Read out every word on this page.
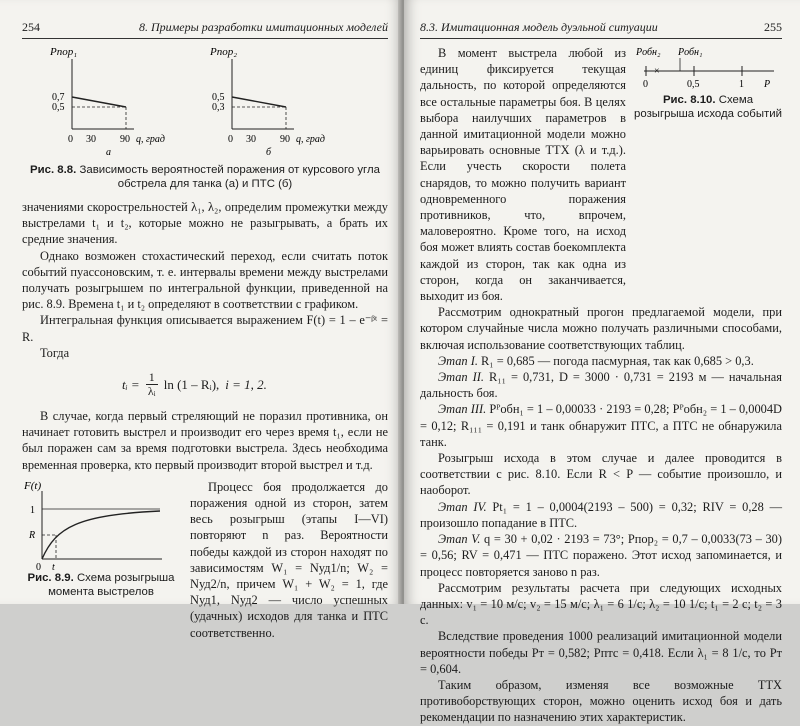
254	8. Примеры разработки имитационных моделей
Pпор₁
0,7
0,5
0 30 90 q, град
а
Pпор₂
0,5
0,3
0 30 90 q, град
б
Рис. 8.8. Зависимость вероятностей поражения от курсового угла обстрела для танка (а) и ПТС (б)

значениями скорострельностей λ₁, λ₂, определим промежутки между выстрелами t₁ и t₂, которые можно не разыгрывать, а брать их средние значения.

Однако возможен стохастический переход, если считать поток событий пуассоновским, т. е. интервалы времени между выстрелами получать розыгрышем по интегральной функции, приведенной на рис. 8.9. Времена t₁ и t₂ определяют в соответствии с графиком.

Интегральная функция описывается выражением F(t) = 1 – e⁻ᵝᵗ = R.

Тогда

tᵢ = $\frac{1}{\text{λᵢ}}$ ln (1 – Rᵢ), i = 1, 2.

В случае, когда первый стреляющий не поразил противника, он начинает готовить выстрел и производит его через время t₁, если не был поражен сам за время подготовки выстрела. Здесь необходима временная проверка, кто первый производит второй выстрел и т.д.

F(t)
1
R
0 t
Рис. 8.9. Схема розыгрыша момента выстрелов

Процесс боя продолжается до поражения одной из сторон, затем весь розыгрыш (этапы I—VI) повторяют n раз. Вероятности победы каждой из сторон находят по зависимостям W₁ = Nуд1/n; W₂ = Nуд2/n, причем W₁ + W₂ = 1, где Nуд1, Nуд2 — число успешных (удачных) исходов для танка и ПТС соответственно.

8.3. Имитационная модель дуэльной ситуации	255

В момент выстрела любой из единиц фиксируется текущая дальность, по которой определяются все остальные параметры боя. В целях выбора наилучших параметров в данной имитационной модели можно варьировать основные ТТХ (λ и т.д.). Если учесть скорости полета снарядов, то можно получить вариант одновременного поражения противников, что, впрочем, маловероятно. Кроме того, на исход боя может влиять состав боекомплекта каждой из сторон, так как одна из сторон, когда он заканчивается, выходит из боя.

Pобн₂ Pобн₁
×
0	0,5	1 P
Рис. 8.10. Схема розыгрыша исхода событий

Рассмотрим однократный прогон предлагаемой модели, при котором случайные числа можно получать различными способами, включая использование соответствующих таблиц.

Этап I. R₁ = 0,685 — погода пасмурная, так как 0,685 > 0,3.

Этап II. R₁₁ = 0,731, D = 3000 · 0,731 = 2193 м — начальная дальность боя.

Этап III. Pᴾобн₁ = 1 – 0,00033 · 2193 = 0,28; Pᴾобн₂ = 1 – 0,0004D = 0,12; R₁₁₁ = 0,191 и танк обнаружит ПТС, а ПТС не обнаружила танк.

Розыгрыш исхода в этом случае и далее проводится в соответствии с рис. 8.10. Если R < P — событие произошло, и наоборот.

Этап IV. Pt₁ = 1 – 0,0004(2193 – 500) = 0,32; RIV = 0,28 — произошло попадание в ПТС.

Этап V. q = 30 + 0,02 · 2193 = 73°; Pпор₂ = 0,7 – 0,0033(73 – 30) = 0,56; RV = 0,471 — ПТС поражено. Этот исход запоминается, и процесс повторяется заново n раз.

Рассмотрим результаты расчета при следующих исходных данных: v₁ = 10 м/с; v₂ = 15 м/с; λ₁ = 6 1/с; λ₂ = 10 1/с; t₁ = 2 с; t₂ = 3 с.

Вследствие проведения 1000 реализаций имитационной модели вероятности победы Pт = 0,582; Pптс = 0,418. Если λ₁ = 8 1/с, то Pт = 0,604.

Таким образом, изменяя все возможные ТТХ противоборствующих сторон, можно оценить исход боя и дать рекомендации по назначению этих характеристик.
